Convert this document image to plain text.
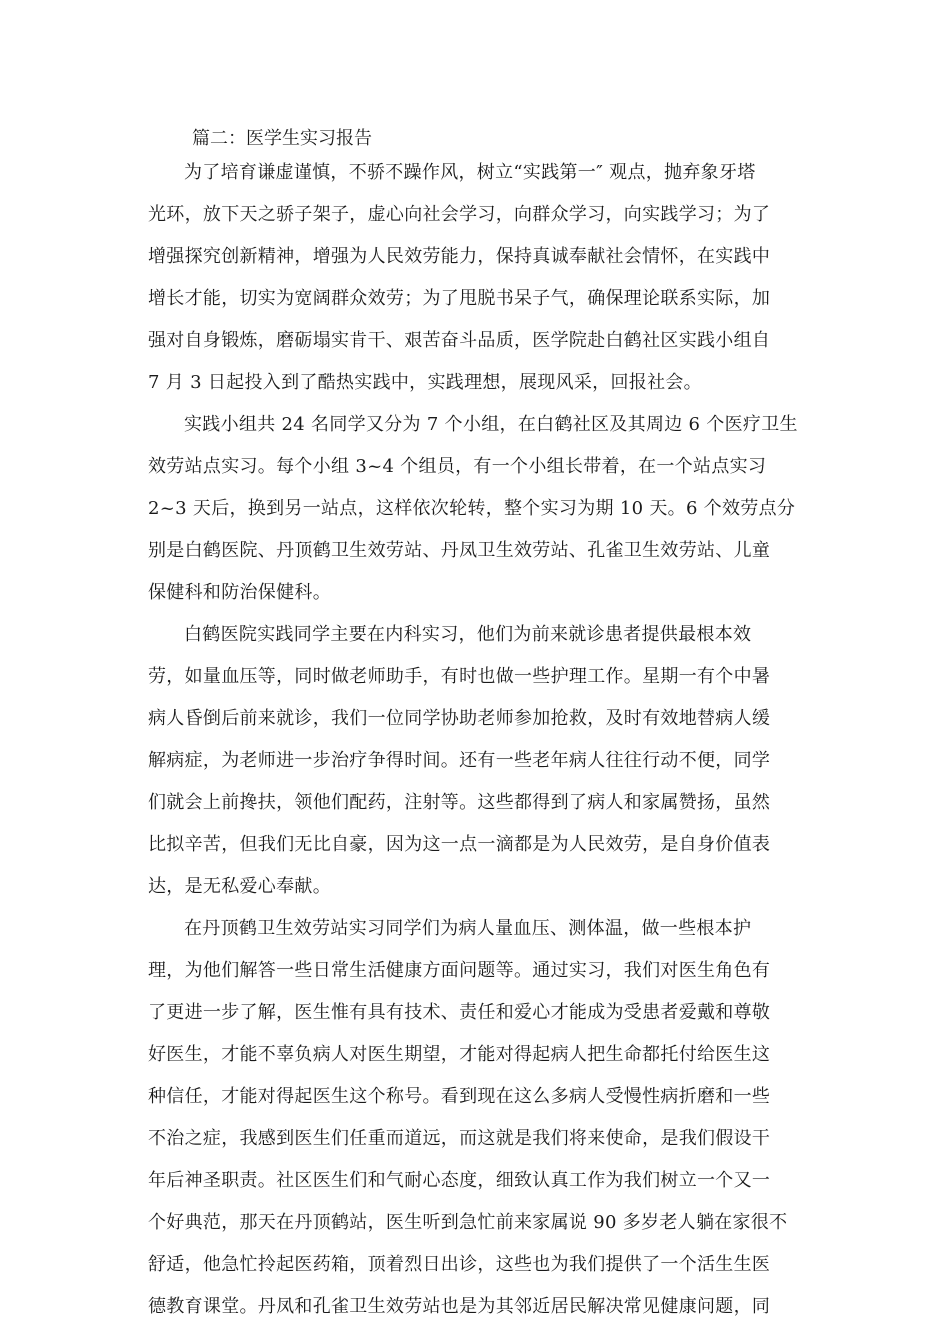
篇二：医学生实习报告
为了培育谦虚谨慎，不骄不躁作风，树立“实践第一″ 观点，抛弃象牙塔
光环，放下天之骄子架子，虚心向社会学习，向群众学习，向实践学习；为了
增强探究创新精神，增强为人民效劳能力，保持真诚奉献社会情怀，在实践中
增长才能，切实为宽阔群众效劳；为了甩脱书呆子气，确保理论联系实际，加
强对自身锻炼，磨砺塌实肯干、艰苦奋斗品质，医学院赴白鹤社区实践小组自
7 月 3 日起投入到了酷热实践中，实践理想，展现风采，回报社会。
实践小组共 24 名同学又分为 7 个小组，在白鹤社区及其周边 6 个医疗卫生
效劳站点实习。每个小组 3~4 个组员，有一个小组长带着，在一个站点实习
2~3 天后，换到另一站点，这样依次轮转，整个实习为期 10 天。6 个效劳点分
别是白鹤医院、丹顶鹤卫生效劳站、丹凤卫生效劳站、孔雀卫生效劳站、儿童
保健科和防治保健科。
白鹤医院实践同学主要在内科实习，他们为前来就诊患者提供最根本效
劳，如量血压等，同时做老师助手，有时也做一些护理工作。星期一有个中暑
病人昏倒后前来就诊，我们一位同学协助老师参加抢救，及时有效地替病人缓
解病症，为老师进一步治疗争得时间。还有一些老年病人往往行动不便，同学
们就会上前搀扶，领他们配药，注射等。这些都得到了病人和家属赞扬，虽然
比拟辛苦，但我们无比自豪，因为这一点一滴都是为人民效劳，是自身价值表
达，是无私爱心奉献。
在丹顶鹤卫生效劳站实习同学们为病人量血压、测体温，做一些根本护
理，为他们解答一些日常生活健康方面问题等。通过实习，我们对医生角色有
了更进一步了解，医生惟有具有技术、责任和爱心才能成为受患者爱戴和尊敬
好医生，才能不辜负病人对医生期望，才能对得起病人把生命都托付给医生这
种信任，才能对得起医生这个称号。看到现在这么多病人受慢性病折磨和一些
不治之症，我感到医生们任重而道远，而这就是我们将来使命，是我们假设干
年后神圣职责。社区医生们和气耐心态度，细致认真工作为我们树立一个又一
个好典范，那天在丹顶鹤站，医生听到急忙前来家属说 90 多岁老人躺在家很不
舒适，他急忙拎起医药箱，顶着烈日出诊，这些也为我们提供了一个活生生医
德教育课堂。丹凤和孔雀卫生效劳站也是为其邻近居民解决常见健康问题，同
